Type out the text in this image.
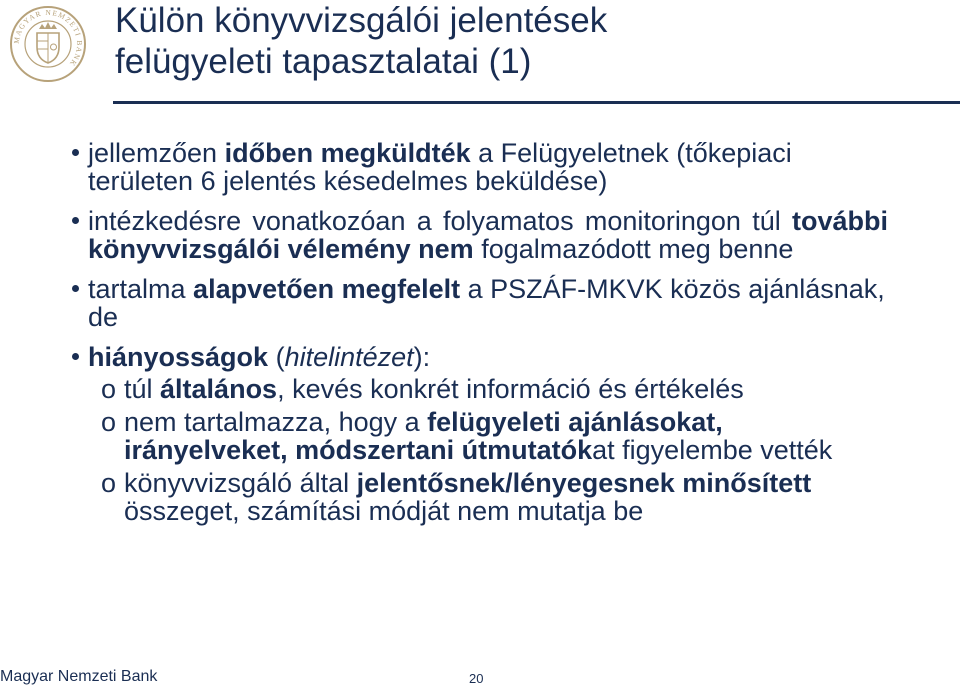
MAGYAR NEMZETI BANK
Külön könyvvizsgálói jelentések
felügyeleti tapasztalatai (1)
jellemzően időben megküldték a Felügyeletnek (tőkepiaci területen 6 jelentés késedelmes beküldése)
intézkedésre vonatkozóan a folyamatos monitoringon túl további könyvvizsgálói vélemény nem fogalmazódott meg benne
tartalma alapvetően megfelelt a PSZÁF-MKVK közös ajánlásnak, de
hiányosságok (hitelintézet):
o túl általános, kevés konkrét információ és értékelés
o nem tartalmazza, hogy a felügyeleti ajánlásokat, irányelveket, módszertani útmutatókat figyelembe vették
o könyvvizsgáló által jelentősnek/lényegesnek minősített összeget, számítási módját nem mutatja be
Magyar Nemzeti Bank	20
